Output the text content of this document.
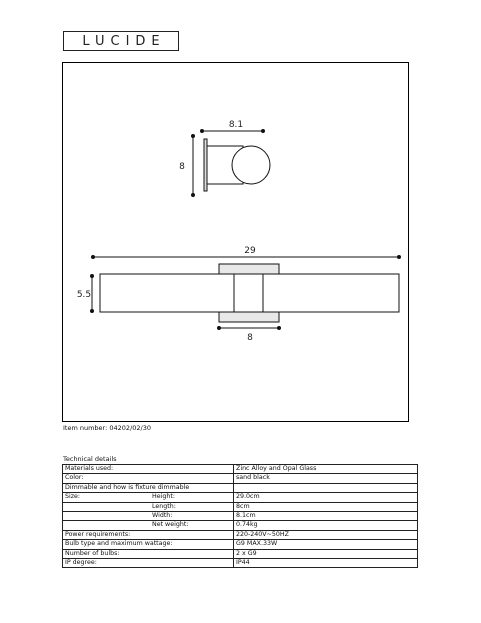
LUCIDE
8.1
8
29
5.5
8
Item number: 04202/02/30
Technical details
Materials used:		Zinc Alloy and Opal Glass
Color:		sand black
Dimmable and how is fixture dimmable		
Size:	Height:	29.0cm
	Length:	8cm
	Width:	8.1cm
	Net weight:	0.74kg
Power requirements:		220-240V~50HZ
Bulb type and maximum wattage:		G9 MAX.33W
Number of bulbs:		2 x G9
IP degree:		IP44
